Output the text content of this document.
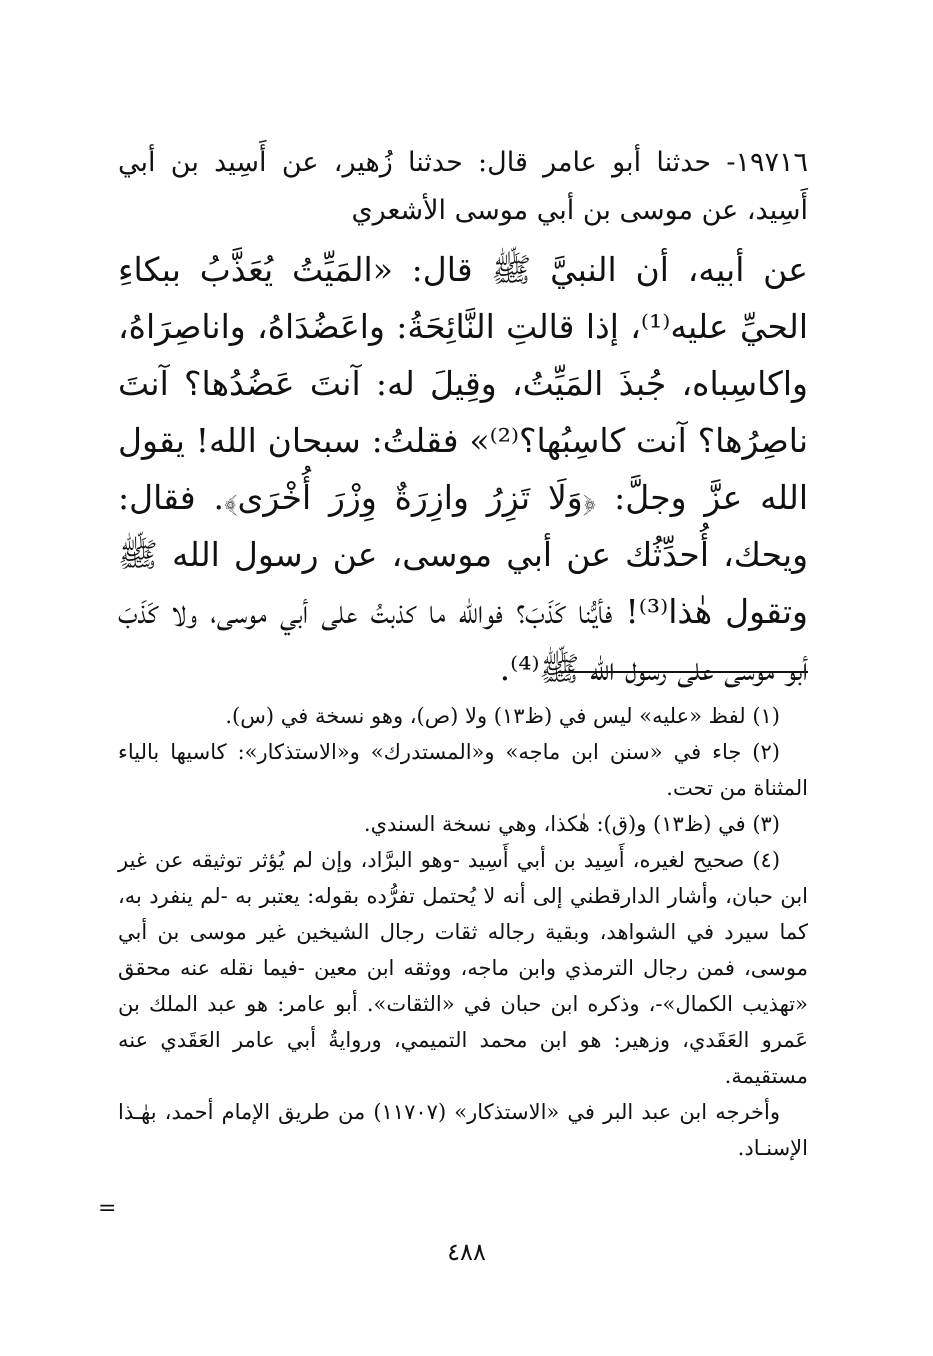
١٩٧١٦- حدثنا أبو عامر قال: حدثنا زُهير، عن أَسِيد بن أبي أَسِيد، عن موسى بن أبي موسى الأشعري

عن أبيه، أن النبيَّ ﷺ قال: «المَيِّتُ يُعَذَّبُ ببكاءِ الحيِّ عليه⁽¹⁾، إذا قالتِ النَّائِحَةُ: واعَضُدَاهُ، واناصِرَاهُ، واكاسِباه، جُبذَ المَيِّتُ، وقِيلَ له: آنتَ عَضُدُها؟ آنتَ ناصِرُها؟ آنت كاسِبُها؟⁽²⁾» فقلتُ: سبحان الله! يقول الله عزَّ وجلَّ: ﴿وَلَا تَزِرُ وازِرَةٌ وِزْرَ أُخْرَى﴾. فقال: ويحك، أُحدِّثُك عن أبي موسى، عن رسول الله ﷺ وتقول هٰذا⁽³⁾! فأيُّنا كَذَبَ؟ فوالله ما كذبتُ على أبي موسى، ولا كَذَبَ أبو موسى على رسول الله ﷺ⁽⁴⁾.

(١) لفظ «عليه» ليس في (ظ١٣) ولا (ص)، وهو نسخة في (س).

(٢) جاء في «سنن ابن ماجه» و«المستدرك» و«الاستذكار»: كاسيها بالياء المثناة من تحت.

(٣) في (ظ١٣) و(ق): هٰكذا، وهي نسخة السندي.

(٤) صحيح لغيره، أَسِيد بن أبي أَسِيد -وهو البرَّاد، وإن لم يُؤثر توثيقه عن غير ابن حبان، وأشار الدارقطني إلى أنه لا يُحتمل تفرُّده بقوله: يعتبر به -لم ينفرد به، كما سيرد في الشواهد، وبقية رجاله ثقات رجال الشيخين غير موسى بن أبي موسى، فمن رجال الترمذي وابن ماجه، ووثقه ابن معين -فيما نقله عنه محقق «تهذيب الكمال»-، وذكره ابن حبان في «الثقات». أبو عامر: هو عبد الملك بن عَمرو العَقَدي، وزهير: هو ابن محمد التميمي، وروايةُ أبي عامر العَقَدي عنه مستقيمة.

وأخرجه ابن عبد البر في «الاستذكار» (١١٧٠٧) من طريق الإمام أحمد، بهٰـذا الإسنـاد.

=
٤٨٨
